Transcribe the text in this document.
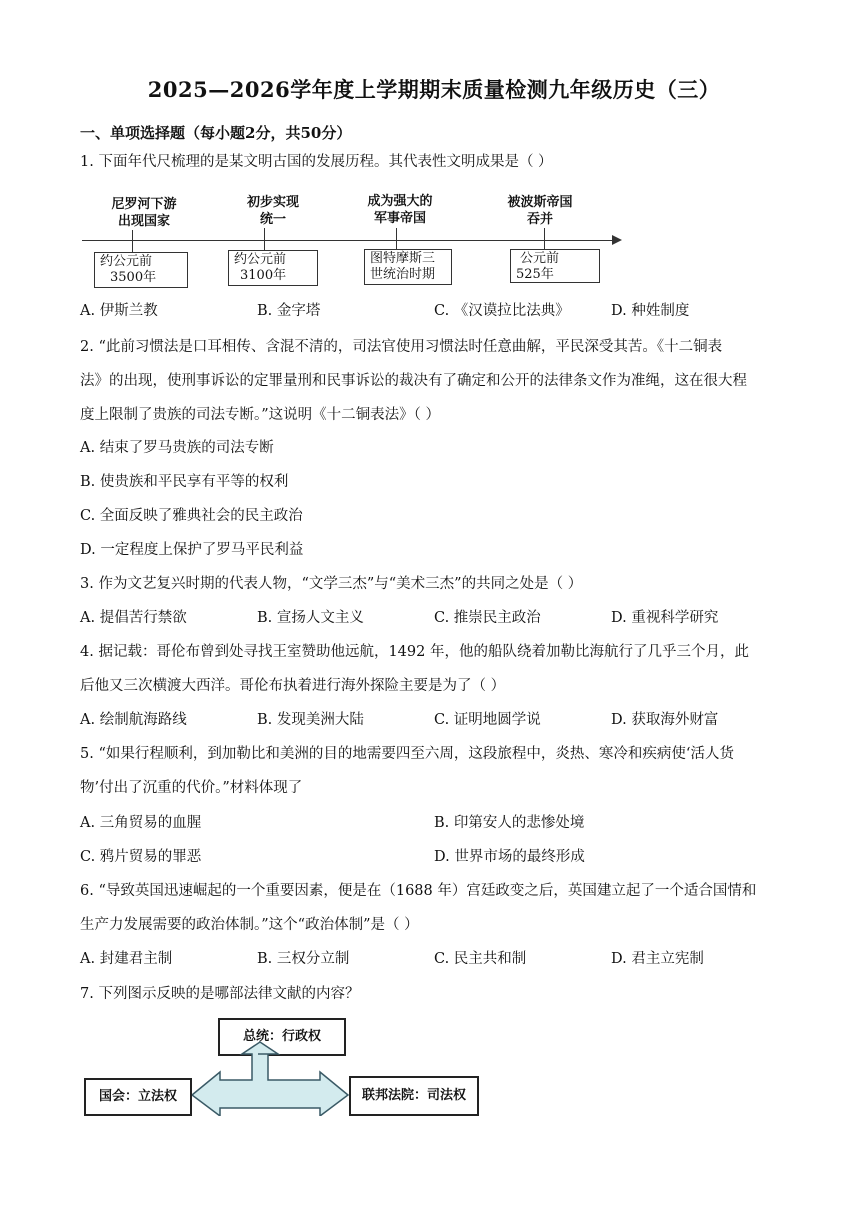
2025—2026学年度上学期期末质量检测九年级历史（三）
一、单项选择题（每小题2分，共50分）
1. 下面年代尺梳理的是某文明古国的发展历程。其代表性文明成果是（ ）
尼罗河下游
出现国家
约公元前
3500年
初步实现
统一
约公元前
3100年
成为强大的
军事帝国
图特摩斯三
世统治时期
被波斯帝国
吞并
公元前
525年
A. 伊斯兰教	B. 金字塔	C. 《汉谟拉比法典》	D. 种姓制度
2. “此前习惯法是口耳相传、含混不清的，司法官使用习惯法时任意曲解，平民深受其苦。《十二铜表
法》的出现，使刑事诉讼的定罪量刑和民事诉讼的裁决有了确定和公开的法律条文作为准绳，这在很大程
度上限制了贵族的司法专断。”这说明《十二铜表法》（ ）
A. 结束了罗马贵族的司法专断
B. 使贵族和平民享有平等的权利
C. 全面反映了雅典社会的民主政治
D. 一定程度上保护了罗马平民利益
3. 作为文艺复兴时期的代表人物，“文学三杰”与“美术三杰”的共同之处是（ ）
A. 提倡苦行禁欲	B. 宣扬人文主义	C. 推崇民主政治	D. 重视科学研究
4. 据记载：哥伦布曾到处寻找王室赞助他远航，1492 年，他的船队绕着加勒比海航行了几乎三个月，此
后他又三次横渡大西洋。哥伦布执着进行海外探险主要是为了（ ）
A. 绘制航海路线	B. 发现美洲大陆	C. 证明地圆学说	D. 获取海外财富
5. “如果行程顺利，到加勒比和美洲的目的地需要四至六周，这段旅程中，炎热、寒冷和疾病使‘活人货
物’付出了沉重的代价。”材料体现了
A. 三角贸易的血腥	B. 印第安人的悲惨处境
C. 鸦片贸易的罪恶	D. 世界市场的最终形成
6. “导致英国迅速崛起的一个重要因素，便是在（1688 年）宫廷政变之后，英国建立起了一个适合国情和
生产力发展需要的政治体制。”这个“政治体制”是（ ）
A. 封建君主制	B. 三权分立制	C. 民主共和制	D. 君主立宪制
7. 下列图示反映的是哪部法律文献的内容？
总统：行政权
国会：立法权	联邦法院：司法权
